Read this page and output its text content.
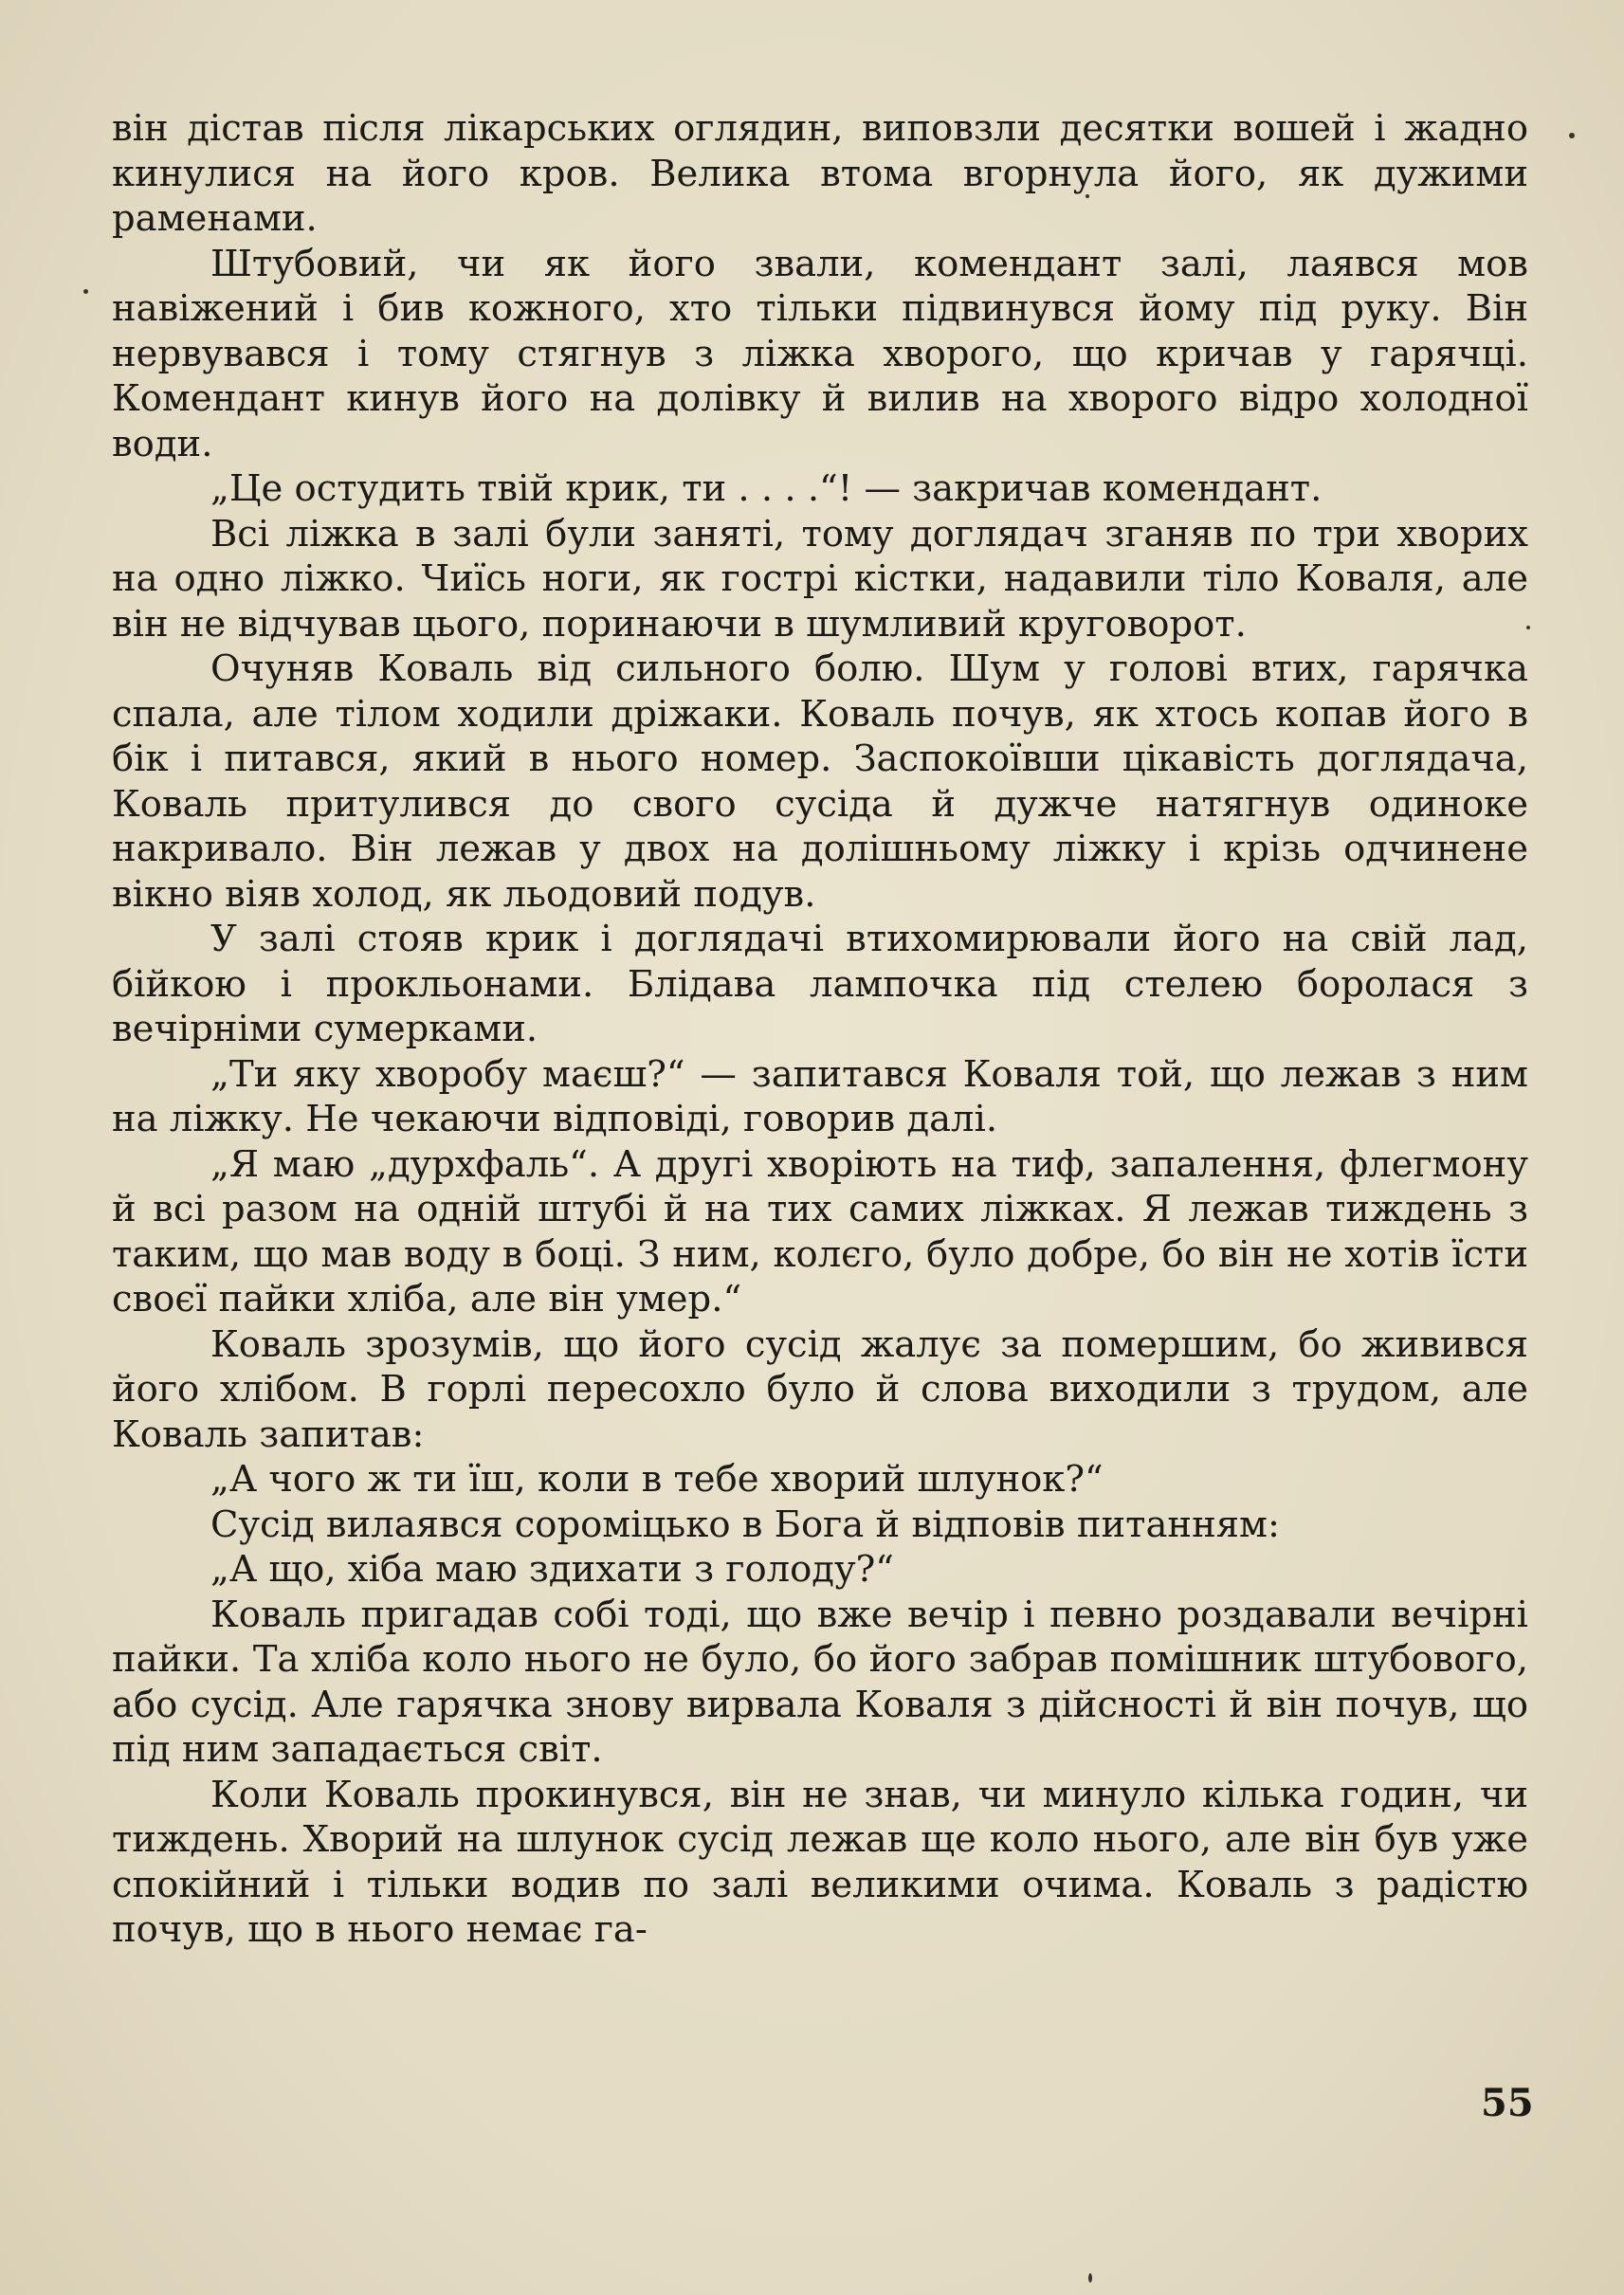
він дістав після лікарських оглядин, виповзли десятки вошей і жадно кинулися на його кров. Велика втома вгорнула його, як дужими раменами.

Штубовий, чи як його звали, комендант залі, лаявся мов навіжений і бив кожного, хто тільки підвинувся йому під руку. Він нервувався і тому стягнув з ліжка хворого, що кричав у гарячці. Комендант кинув його на долівку й вилив на хворого відро холодної води.

„Це остудить твій крик, ти . . . .“! — закричав комендант.

Всі ліжка в залі були заняті, тому доглядач зганяв по три хворих на одно ліжко. Чиїсь ноги, як гострі кістки, надавили тіло Коваля, але він не відчував цього, поринаючи в шумливий круговорот.

Очуняв Коваль від сильного болю. Шум у голові втих, гарячка спала, але тілом ходили дріжаки. Коваль почув, як хтось копав його в бік і питався, який в нього номер. Заспокоївши цікавість доглядача, Коваль притулився до свого сусіда й дужче натягнув одиноке накривало. Він лежав у двох на долішньому ліжку і крізь одчинене вікно віяв холод, як льодовий подув.

У залі стояв крик і доглядачі втихомирювали його на свій лад, бійкою і прокльонами. Блідава лампочка під стелею боролася з вечірніми сумерками.

„Ти яку хворобу маєш?“ — запитався Коваля той, що лежав з ним на ліжку. Не чекаючи відповіді, говорив далі.

„Я маю „дурхфаль“. А другі хворіють на тиф, запалення, флегмону й всі разом на одній штубі й на тих самих ліжках. Я лежав тиждень з таким, що мав воду в боці. З ним, колєго, було добре, бо він не хотів їсти своєї пайки хліба, але він умер.“

Коваль зрозумів, що його сусід жалує за помершим, бо живився його хлібом. В горлі пересохло було й слова виходили з трудом, але Коваль запитав:

„А чого ж ти їш, коли в тебе хворий шлунок?“

Сусід вилаявся сороміцько в Бога й відповів питанням:

„А що, хіба маю здихати з голоду?“

Коваль пригадав собі тоді, що вже вечір і певно роздавали вечірні пайки. Та хліба коло нього не було, бо його забрав помішник штубового, або сусід. Але гарячка знову вирвала Коваля з дійсності й він почув, що під ним западається світ.

Коли Коваль прокинувся, він не знав, чи минуло кілька годин, чи тиждень. Хворий на шлунок сусід лежав ще коло нього, але він був уже спокійний і тільки водив по залі великими очима. Коваль з радістю почув, що в нього немає га-

55
